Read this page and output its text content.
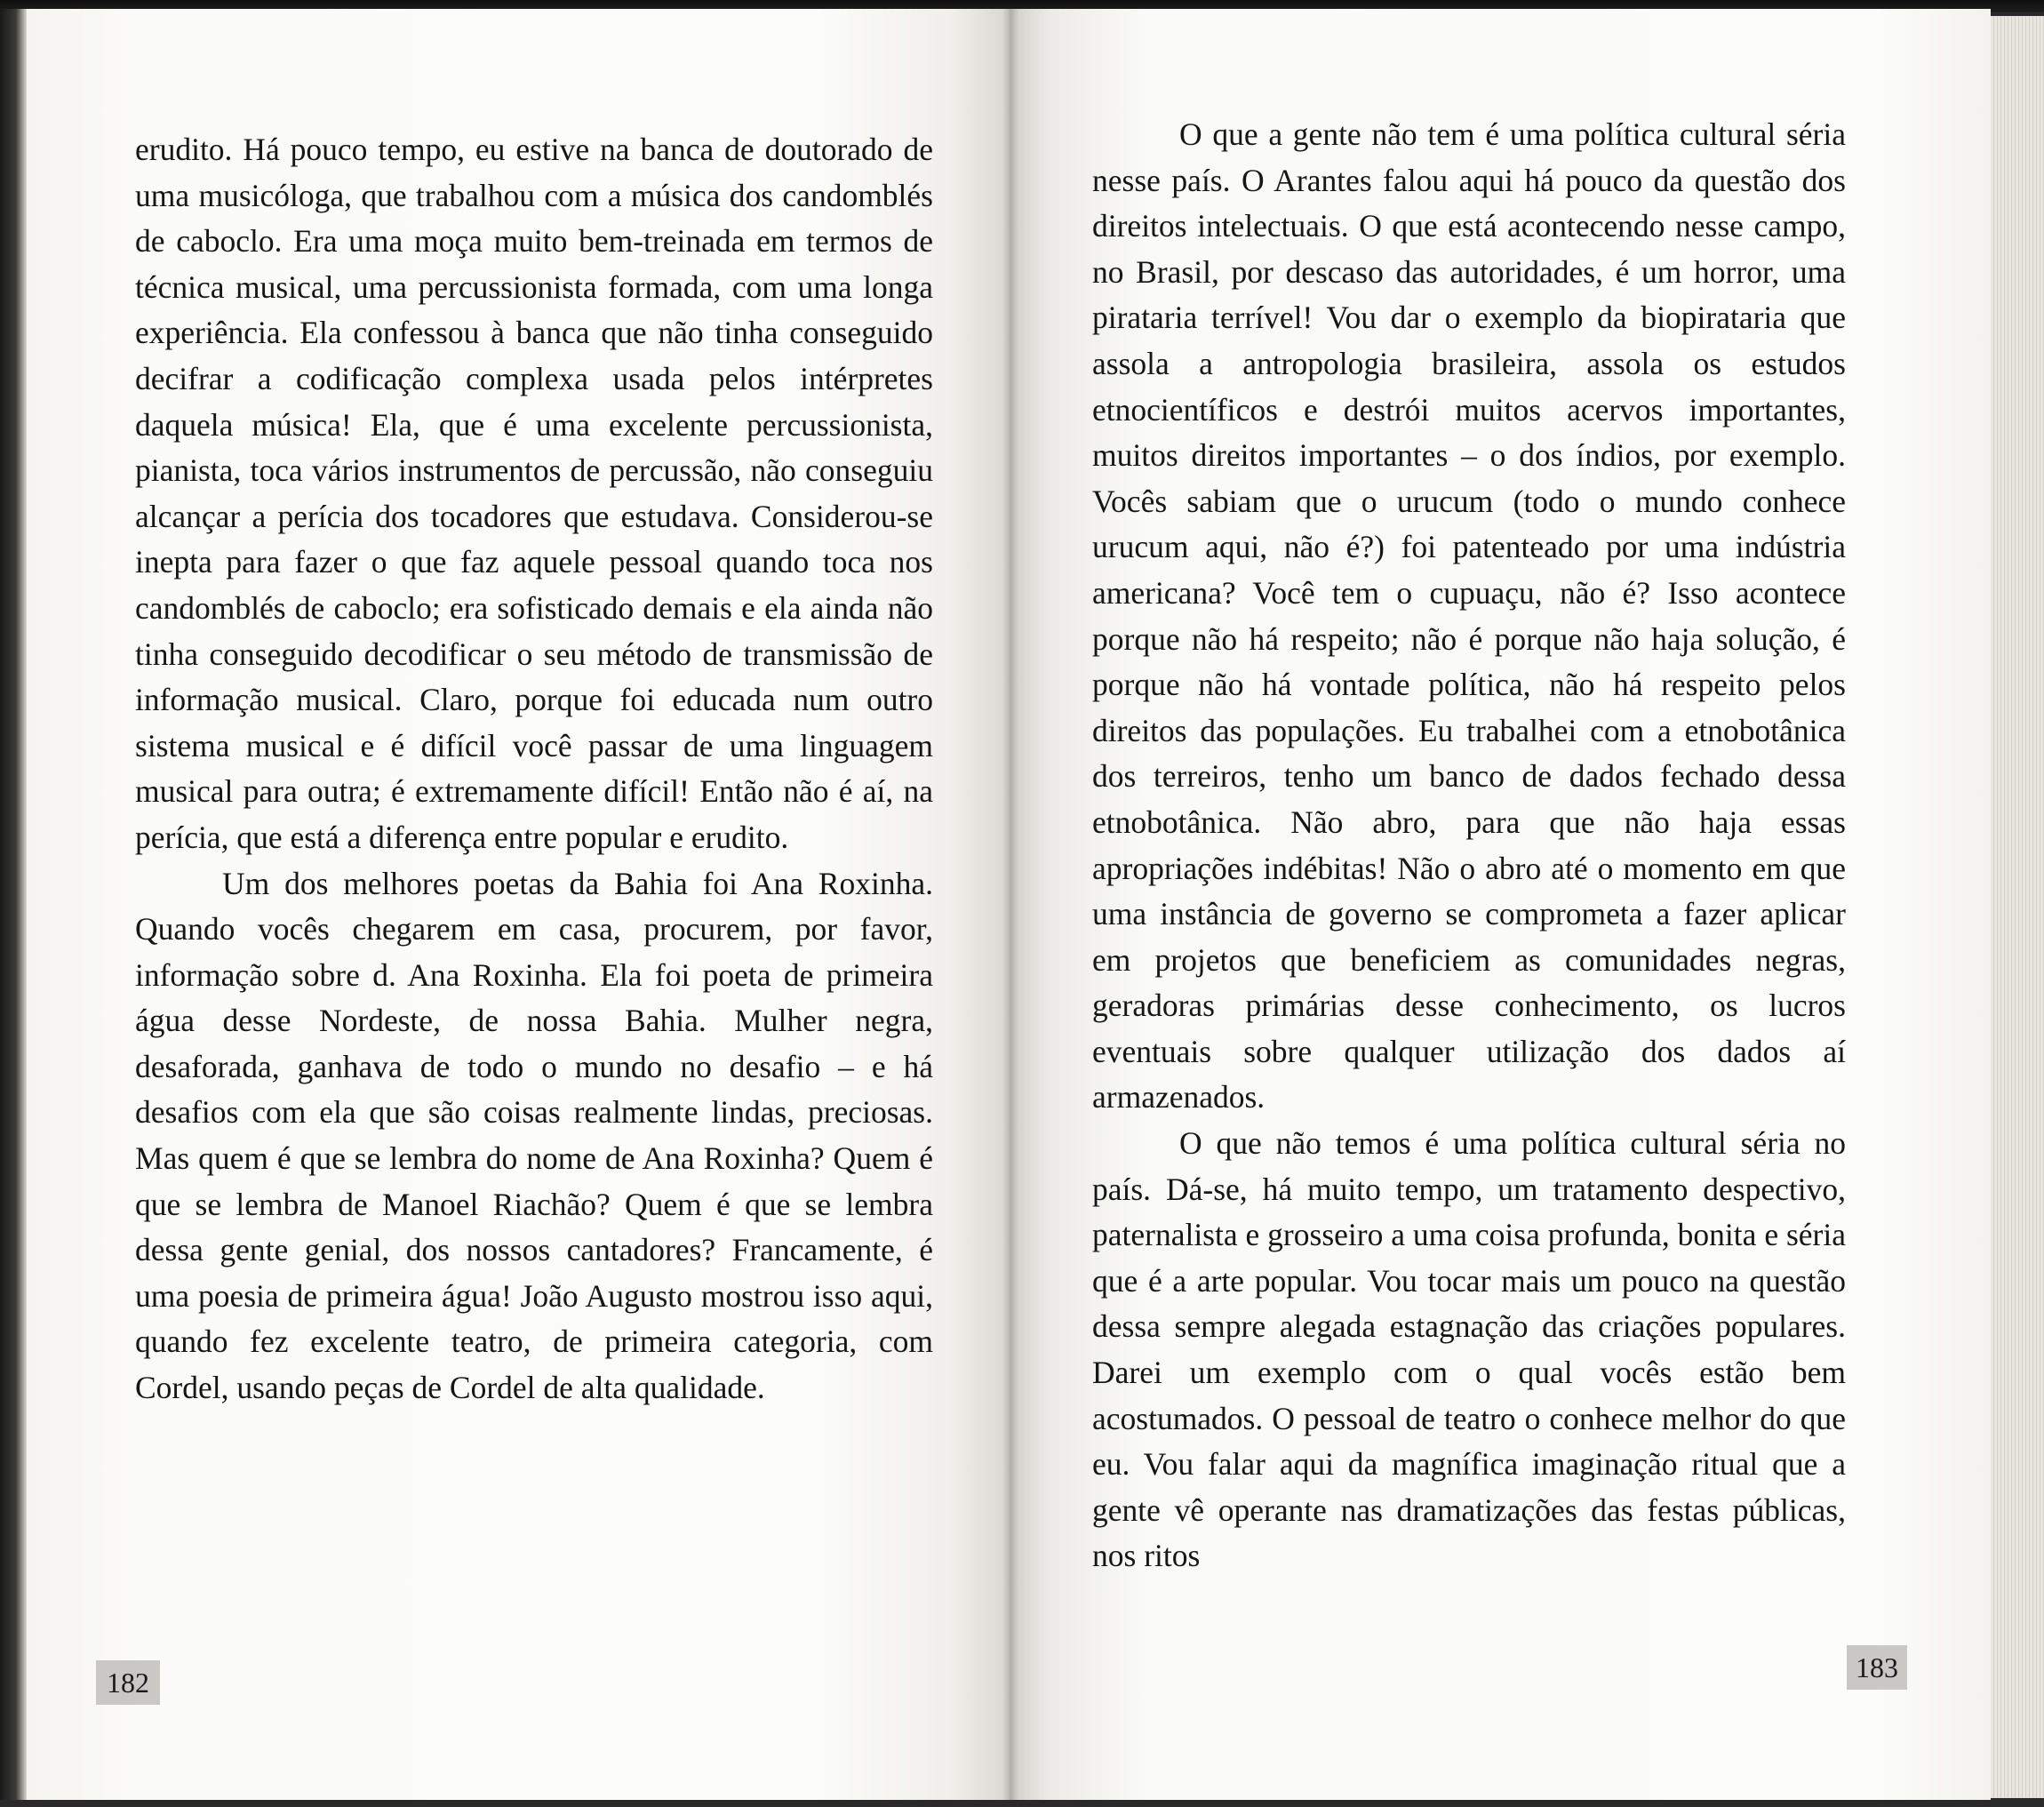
erudito. Há pouco tempo, eu estive na banca de doutorado de uma musicóloga, que trabalhou com a música dos candomblés de caboclo. Era uma moça muito bem-treinada em termos de técnica musical, uma percussionista formada, com uma longa experiência. Ela confessou à banca que não tinha conseguido decifrar a codificação complexa usada pelos intérpretes daquela música! Ela, que é uma excelente percussionista, pianista, toca vários instrumentos de percussão, não conseguiu alcançar a perícia dos tocadores que estudava. Considerou-se inepta para fazer o que faz aquele pessoal quando toca nos candomblés de caboclo; era sofisticado demais e ela ainda não tinha conseguido decodificar o seu método de transmissão de informação musical. Claro, porque foi educada num outro sistema musical e é difícil você passar de uma linguagem musical para outra; é extremamente difícil! Então não é aí, na perícia, que está a diferença entre popular e erudito.

Um dos melhores poetas da Bahia foi Ana Roxinha. Quando vocês chegarem em casa, procurem, por favor, informação sobre d. Ana Roxinha. Ela foi poeta de primeira água desse Nordeste, de nossa Bahia. Mulher negra, desaforada, ganhava de todo o mundo no desafio – e há desafios com ela que são coisas realmente lindas, preciosas. Mas quem é que se lembra do nome de Ana Roxinha? Quem é que se lembra de Manoel Riachão? Quem é que se lembra dessa gente genial, dos nossos cantadores? Francamente, é uma poesia de primeira água! João Augusto mostrou isso aqui, quando fez excelente teatro, de primeira categoria, com Cordel, usando peças de Cordel de alta qualidade.

O que a gente não tem é uma política cultural séria nesse país. O Arantes falou aqui há pouco da questão dos direitos intelectuais. O que está acontecendo nesse campo, no Brasil, por descaso das autoridades, é um horror, uma pirataria terrível! Vou dar o exemplo da biopirataria que assola a antropologia brasileira, assola os estudos etnocientíficos e destrói muitos acervos importantes, muitos direitos importantes – o dos índios, por exemplo. Vocês sabiam que o urucum (todo o mundo conhece urucum aqui, não é?) foi patenteado por uma indústria americana? Você tem o cupuaçu, não é? Isso acontece porque não há respeito; não é porque não haja solução, é porque não há vontade política, não há respeito pelos direitos das populações. Eu trabalhei com a etnobotânica dos terreiros, tenho um banco de dados fechado dessa etnobotânica. Não abro, para que não haja essas apropriações indébitas! Não o abro até o momento em que uma instância de governo se comprometa a fazer aplicar em projetos que beneficiem as comunidades negras, geradoras primárias desse conhecimento, os lucros eventuais sobre qualquer utilização dos dados aí armazenados.

O que não temos é uma política cultural séria no país. Dá-se, há muito tempo, um tratamento despectivo, paternalista e grosseiro a uma coisa profunda, bonita e séria que é a arte popular. Vou tocar mais um pouco na questão dessa sempre alegada estagnação das criações populares. Darei um exemplo com o qual vocês estão bem acostumados. O pessoal de teatro o conhece melhor do que eu. Vou falar aqui da magnífica imaginação ritual que a gente vê operante nas dramatizações das festas públicas, nos ritos

182	183
